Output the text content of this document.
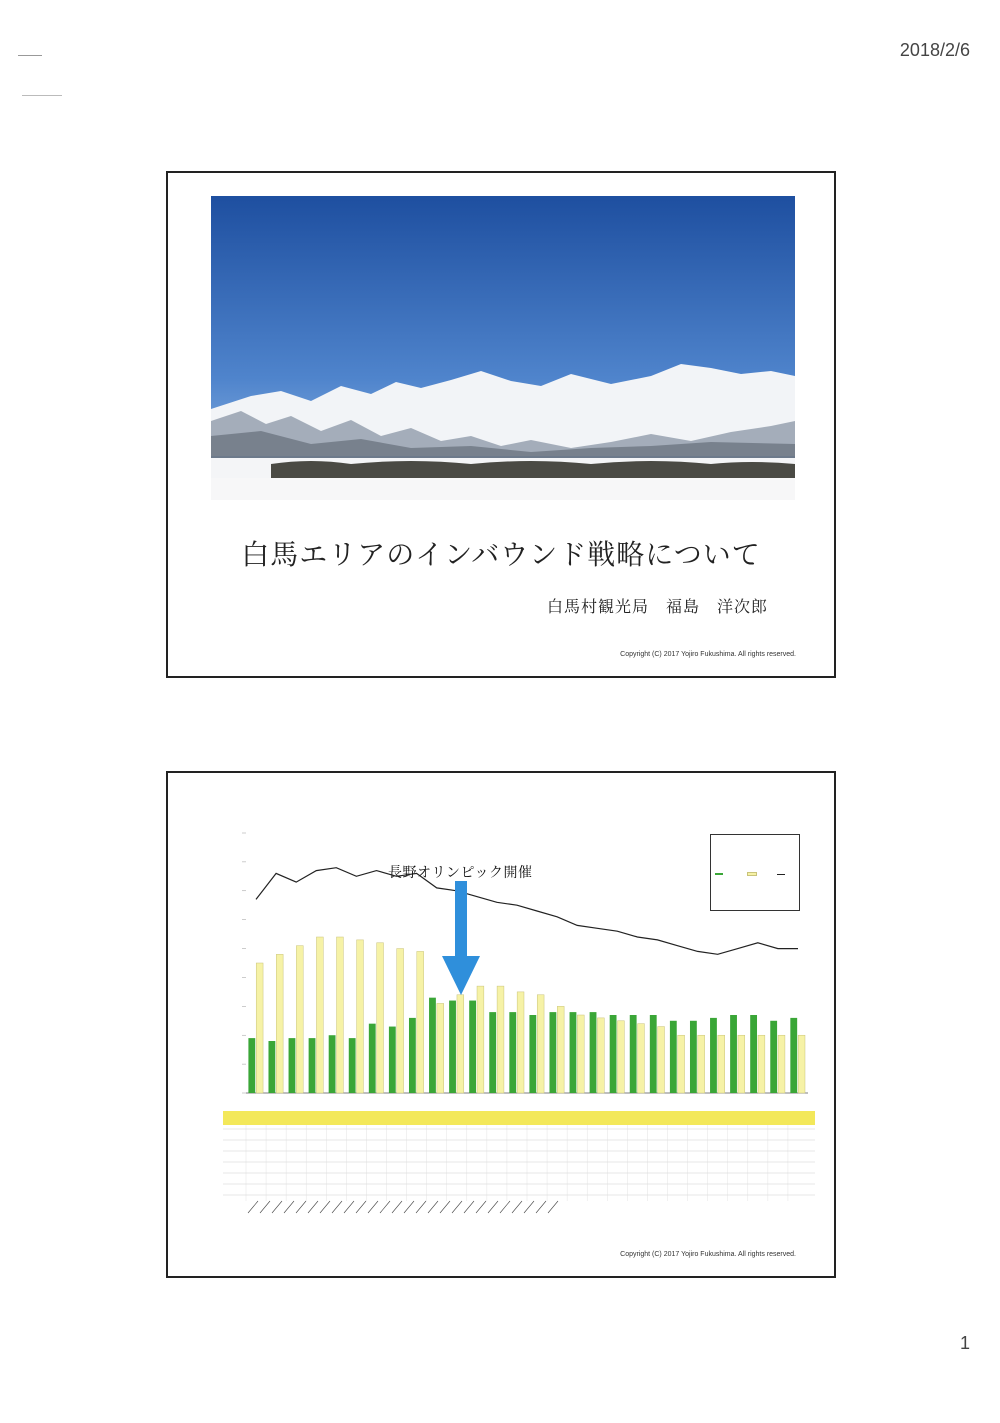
2018/2/6
白馬エリアのインバウンド戦略について
白馬村観光局　福島　洋次郎
Copyright (C) 2017 Yojiro Fukushima. All rights reserved.
長野オリンピック開催
Copyright (C) 2017 Yojiro Fukushima. All rights reserved.
1
